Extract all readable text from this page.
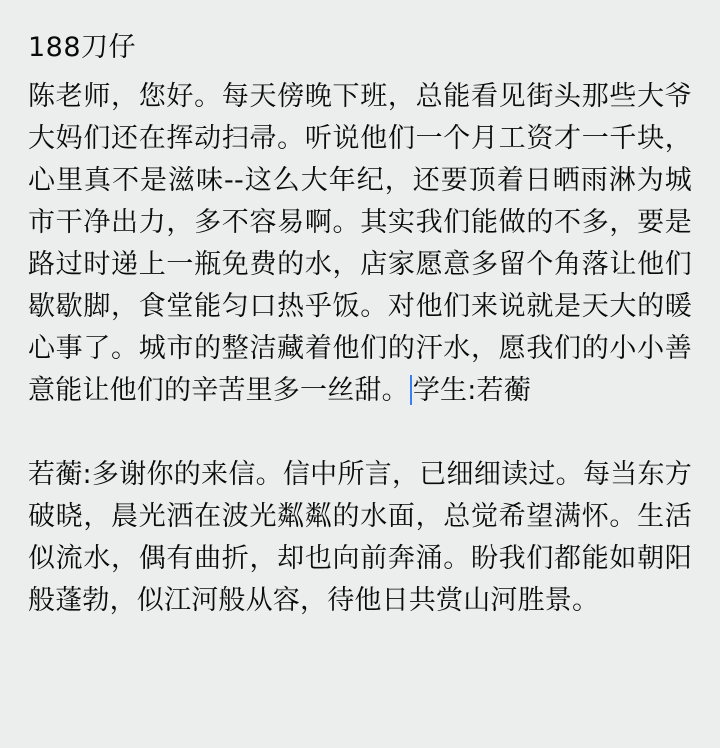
188刀仔

陈老师，您好。每天傍晚下班，总能看见街头那些大爷大妈们还在挥动扫帚。听说他们一个月工资才一千块，心里真不是滋味--这么大年纪，还要顶着日晒雨淋为城市干净出力，多不容易啊。其实我们能做的不多，要是路过时递上一瓶免费的水，店家愿意多留个角落让他们歇歇脚，食堂能匀口热乎饭。对他们来说就是天大的暖心事了。城市的整洁藏着他们的汗水，愿我们的小小善意能让他们的辛苦里多一丝甜。 学生:若蘅

若蘅:多谢你的来信。信中所言，已细细读过。每当东方破晓，晨光洒在波光粼粼的水面，总觉希望满怀。生活似流水，偶有曲折，却也向前奔涌。盼我们都能如朝阳般蓬勃，似江河般从容，待他日共赏山河胜景。
